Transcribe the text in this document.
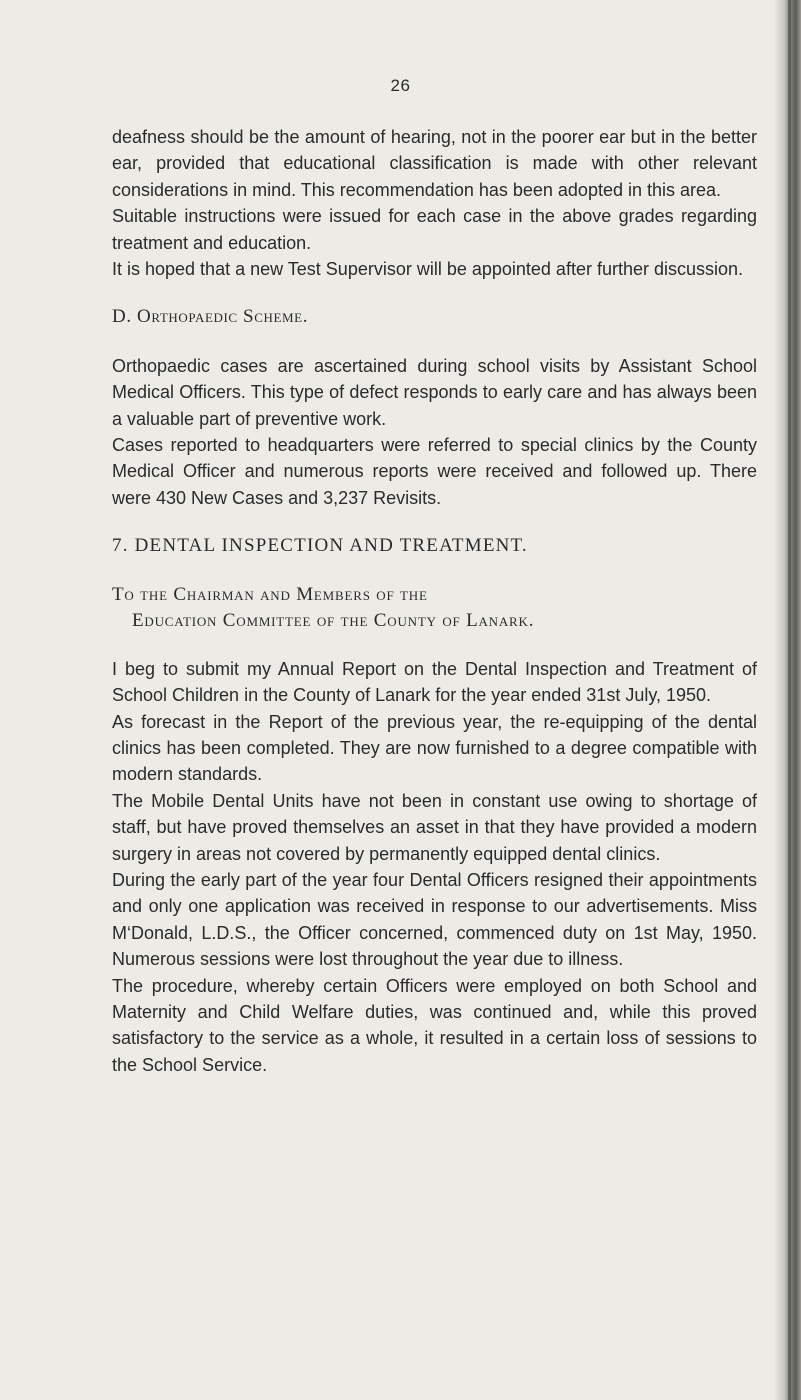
26

deafness should be the amount of hearing, not in the poorer ear but in the better ear, provided that educational classification is made with other relevant considerations in mind. This recommendation has been adopted in this area.

Suitable instructions were issued for each case in the above grades regarding treatment and education.

It is hoped that a new Test Supervisor will be appointed after further discussion.

D. Orthopaedic Scheme.

Orthopaedic cases are ascertained during school visits by Assistant School Medical Officers. This type of defect responds to early care and has always been a valuable part of preventive work.

Cases reported to headquarters were referred to special clinics by the County Medical Officer and numerous reports were received and followed up. There were 430 New Cases and 3,237 Revisits.

7. DENTAL INSPECTION AND TREATMENT.

To the Chairman and Members of the
Education Committee of the County of Lanark.

I beg to submit my Annual Report on the Dental Inspection and Treatment of School Children in the County of Lanark for the year ended 31st July, 1950.

As forecast in the Report of the previous year, the re-equipping of the dental clinics has been completed. They are now furnished to a degree compatible with modern standards.

The Mobile Dental Units have not been in constant use owing to shortage of staff, but have proved themselves an asset in that they have provided a modern surgery in areas not covered by permanently equipped dental clinics.

During the early part of the year four Dental Officers resigned their appointments and only one application was received in response to our advertisements. Miss M‘Donald, L.D.S., the Officer concerned, commenced duty on 1st May, 1950. Numerous sessions were lost throughout the year due to illness.

The procedure, whereby certain Officers were employed on both School and Maternity and Child Welfare duties, was continued and, while this proved satisfactory to the service as a whole, it resulted in a certain loss of sessions to the School Service.
